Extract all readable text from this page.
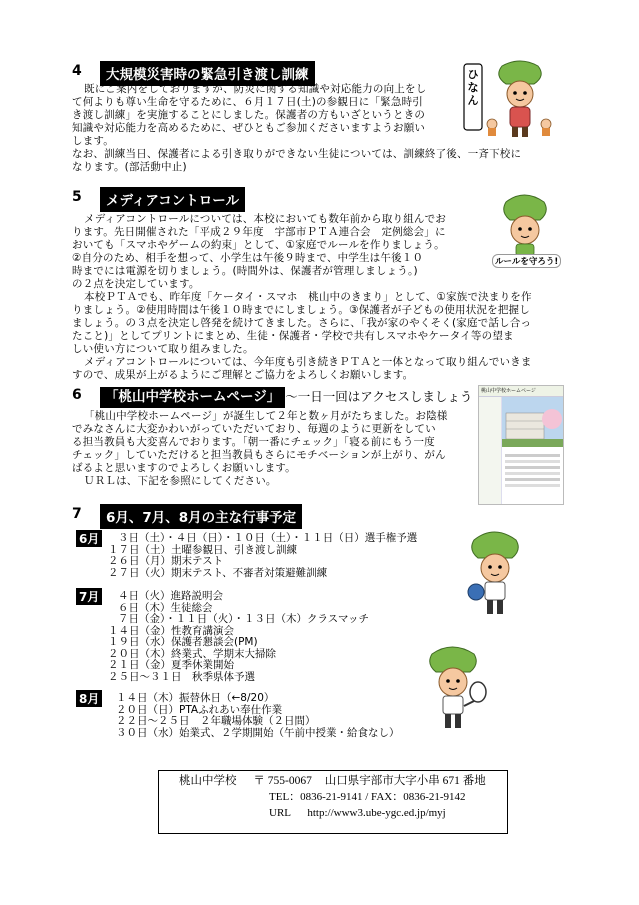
4	大規模災害時の緊急引き渡し訓練
既にご案内をしておりますが、防災に関する知識や対応能力の向上をし
て何よりも尊い生命を守るために、６月１７日(土)の参観日に「緊急時引
き渡し訓練」を実施することにしました。保護者の方もいざというときの
知識や対応能力を高めるために、ぜひともご参加くださいますようお願い
します。
なお、訓練当日、保護者による引き取りができない生徒については、訓練終了後、一斉下校に
なります。(部活動中止)
ひなん
5	メディアコントロール
メディアコントロールについては、本校においても数年前から取り組んでお
ります。先日開催された「平成２９年度　宇部市ＰＴＡ連合会　定例総会」に
おいても「スマホやゲームの約束」として、①家庭でルールを作りましょう。
②自分のため、相手を想って、小学生は午後９時まで、中学生は午後１０
時までには電源を切りましょう。(時間外は、保護者が管理しましょう。)
の２点を決定しています。
本校ＰＴＡでも、昨年度「ケータイ・スマホ　桃山中のきまり」として、①家族で決まりを作
りましょう。②使用時間は午後１０時までにしましょう。③保護者が子どもの使用状況を把握し
ましょう。の３点を決定し啓発を続けてきました。さらに、「我が家のやくそく(家庭で話し合っ
たこと)」としてプリントにまとめ、生徒・保護者・学校で共有しスマホやケータイ等の望ま
しい使い方について取り組みました。
メディアコントロールについては、今年度も引き続きＰＴＡと一体となって取り組んでいきま
すので、成果が上がるようにご理解とご協力をよろしくお願いします。
ルールを守ろう!
6	「桃山中学校ホームページ」 ～一日一回はアクセスしましょう
「桃山中学校ホームページ」が誕生して２年と数ヶ月がたちました。お陰様
でみなさんに大変かわいがっていただいており、毎週のように更新をしてい
る担当教員も大変喜んでおります。「朝一番にチェック」「寝る前にもう一度
チェック」していただけると担当教員もさらにモチベーションが上がり、がん
ばるよと思いますのでよろしくお願いします。
ＵＲＬは、下記を参照にしてください。
桃山中学校ホームページ
7	6月、7月、8月の主な行事予定
6月	３日（土）・４日（日）・１０日（土）・１１日（日）選手権予選
１７日（土）土曜参観日、引き渡し訓練
２６日（月）期末テスト
２７日（火）期末テスト、不審者対策避難訓練
7月	４日（火）進路説明会
６日（木）生徒総会
７日（金）・１１日（火）・１３日（木）クラスマッチ
１４日（金）性教育講演会
１９日（水）保護者懇談会(PM)
２０日（木）終業式、学期末大掃除
２１日（金）夏季休業開始
２５日～３１日　秋季県体予選
8月 １４日（木）振替休日（←8/20）
２０日（日）PTAふれあい奉仕作業
２２日～２５日　２年職場体験（２日間）
３０日（水）始業式、２学期開始（午前中授業・給食なし）
桃山中学校 〒 755-0067 山口県宇部市大字小串 671 番地
TEL：0836-21-9141 / FAX：0836-21-9142
URL http://www3.ube-ygc.ed.jp/myj
